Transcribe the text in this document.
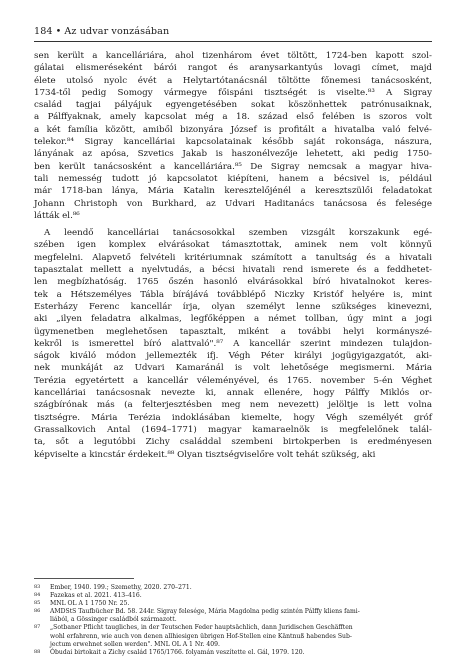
184 • Az udvar vonzásában
sen került a kancelláriára, ahol tizenhárom évet töltött, 1724-ben kapott szol-
gálatai elismeréseként bárói rangot és aranysarkantyús lovagi címet, majd
élete utolsó nyolc évét a Helytartótanácsnál töltötte főnemesi tanácsosként,
1734-től pedig Somogy vármegye főispáni tisztségét is viselte.⁸³ A Sigray
család tagjai pályájuk egyengetésében sokat köszönhettek patrónusaiknak,
a Pálffyaknak, amely kapcsolat még a 18. század első felében is szoros volt
a két família között, amiből bizonyára József is profitált a hivatalba való felvé-
telekor.⁸⁴ Sigray kancelláriai kapcsolatainak később saját rokonsága, nászura,
lányának az apósa, Szvetics Jakab is haszonélvezője lehetett, aki pedig 1750-
ben került tanácsosként a kancelláriára.⁸⁵ De Sigray nemcsak a magyar hiva-
tali nemesség tudott jó kapcsolatot kiépíteni, hanem a bécsivel is, például
már 1718-ban lánya, Mária Katalin keresztelőjénél a keresztszülői feladatokat
Johann Christoph von Burkhard, az Udvari Haditanács tanácsosa és felesége
látták el.⁸⁶
A leendő kancelláriai tanácsosokkal szemben vizsgált korszakunk egé-
szében igen komplex elvárásokat támasztottak, aminek nem volt könnyű
megfelelni. Alapvető felvételi kritériumnak számított a tanultság és a hivatali
tapasztalat mellett a nyelvtudás, a bécsi hivatali rend ismerete és a feddhetet-
len megbízhatóság. 1765 őszén hasonló elvárásokkal bíró hivatalnokot keres-
tek a Hétszemélyes Tábla bírájává továbblépő Niczky Kristóf helyére is, mint
Esterházy Ferenc kancellár írja, olyan személyt lenne szükséges kinevezni,
aki „ilyen feladatra alkalmas, legfőképpen a német tollban, úgy mint a jogi
ügymenetben meglehetősen tapasztalt, miként a további helyi kormányszé-
kekről is ismerettel bíró alattvaló".⁸⁷ A kancellár szerint mindezen tulajdon-
ságok kiváló módon jellemezték ifj. Végh Péter királyi jogügyigazgatót, aki-
nek munkáját az Udvari Kamaránál is volt lehetősége megismerni. Mária
Terézia egyetértett a kancellár véleményével, és 1765. november 5-én Véghet
kancelláriai tanácsosnak nevezte ki, annak ellenére, hogy Pálffy Miklós or-
szágbírónak más (a felterjesztésben meg nem nevezett) jelöltje is lett volna
tisztségre. Mária Terézia indoklásában kiemelte, hogy Végh személyét gróf
Grassalkovich Antal (1694–1771) magyar kamaraelnök is megfelelőnek talál-
ta, sőt a legutóbbi Zichy családdal szembeni birtokperben is eredményesen
képviselte a kincstár érdekeit.⁸⁸ Olyan tisztségviselőre volt tehát szükség, aki
83	Ember, 1940. 199.; Szemethy, 2020. 270–271.
84	Fazekas et al. 2021. 413–416.
85	MNL OL A 1 1750 Nr. 25.
86	AMDStS Taufbücher Bd. 58. 244r. Sigray felesége, Mária Magdolna pedig szintén Pálffy kliens fami-
liából, a Gössinger családból származott.
87	„Sotbaner Pflicht taugliches, in der Teutschen Feder hauptsächlich, dann Juridischen Geschäfften
wohl erfahrenn, wie auch von denen allhiesigen übrigen Hof-Stellen eine Käntnuß habendes Sub-
jectum erwehnet sollen werden". MNL OL A 1 Nr. 409.
88	Óbudai birtokait a Zichy család 1765/1766. folyamán veszítette el. Gál, 1979. 120.
